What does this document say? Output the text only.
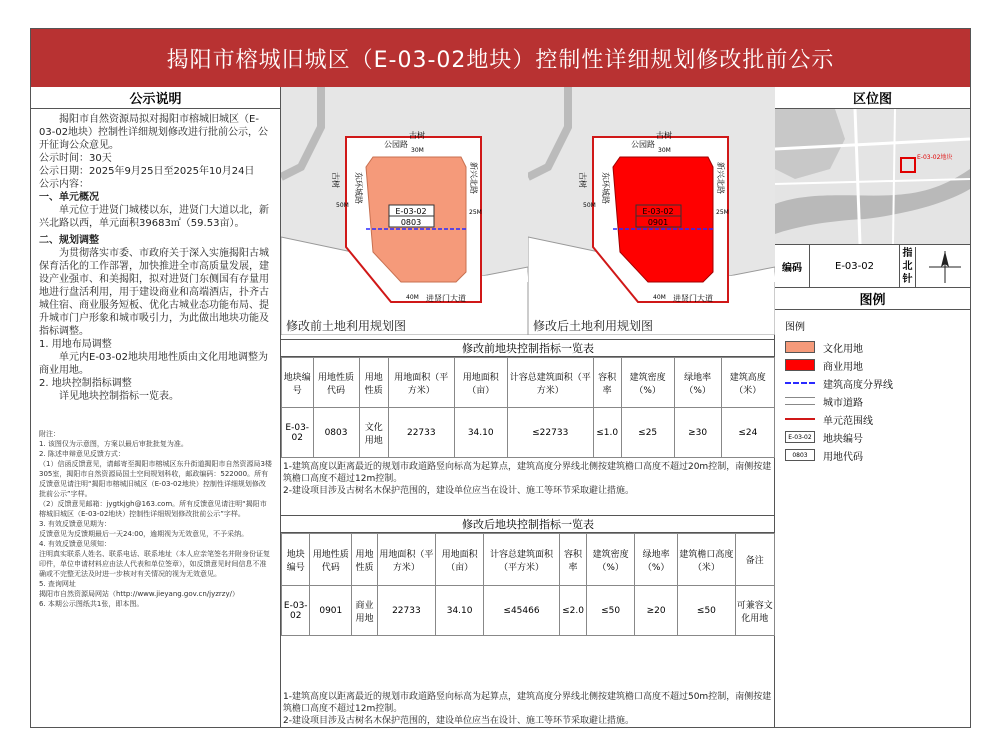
揭阳市榕城旧城区（E-03-02地块）控制性详细规划修改批前公示
公示说明

揭阳市自然资源局拟对揭阳市榕城旧城区（E-03-02地块）控制性详细规划修改进行批前公示，公开征询公众意见。

公示时间：30天

公示日期：2025年9月25日至2025年10月24日

公示内容：

一、单元概况

单元位于进贤门城楼以东，进贤门大道以北，新兴北路以西，单元面积39683㎡（59.53亩）。

二、规划调整

为贯彻落实市委、市政府关于深入实施揭阳古城保育活化的工作部署，加快推进全市高质量发展，建设产业强市、和美揭阳，拟对进贤门东侧国有存量用地进行盘活利用，用于建设商业和高端酒店，扑齐古城住宿、商业服务短板、优化古城业态功能布局、提升城市门户形象和城市吸引力，为此做出地块功能及指标调整。

1. 用地布局调整

单元内E-03-02地块用地性质由文化用地调整为商业用地。

2. 地块控制指标调整

详见地块控制指标一览表。

附注：

1. 该图仅为示意图，方案以最后审批批复为准。

2. 陈述申辩意见反馈方式：

（1）信函反馈意见，请邮寄至揭阳市榕城区东升街道揭阳市自然资源局3楼305室，揭阳市自然资源局国土空间规划科收，邮政编码：522000。所有反馈意见请注明“揭阳市榕城旧城区（E-03-02地块）控制性详细规划修改批前公示”字样。

（2）反馈意见邮箱：jygtkjgh@163.com。所有反馈意见请注明“揭阳市榕城旧城区（E-03-02地块）控制性详细规划修改批前公示”字样。

3. 有效反馈意见期为：

反馈意见为反馈期最后一天24:00，逾期视为无效意见，不予采纳。

4. 有效反馈意见须知：

注明真实联系人姓名、联系电话、联系地址（本人应亲笔签名并附身份证复印件，单位申请材料应由法人代表和单位签章），如反馈意见时间信息不准确或不完整无法及时进一步核对有关情况的视为无效意见。

5. 查询网址

揭阳市自然资源局网站（http://www.jieyang.gov.cn/jyzrzy/）

6. 本期公示图纸共1张，即本图。

E-03-02
0803
公园路
古树
30M
古树 东环城路
50M
新兴北路
25M
40M 进贤门大道
修改前土地利用规划图
E-03-02
0901
公园路
古树
30M
古树 东环城路
50M
新兴北路
25M
40M 进贤门大道
修改后土地利用规划图
修改前地块控制指标一览表
地块编号	用地性质代码	用地性质	用地面积（平方米）	用地面积（亩）	计容总建筑面积（平方米）	容积率	建筑密度（%）	绿地率（%）	建筑高度（米）
E-03-02	0803	文化用地	22733	34.10	≤22733	≤1.0	≤25	≥30	≤24

1-建筑高度以距离最近的规划市政道路竖向标高为起算点，建筑高度分界线北侧按建筑檐口高度不超过20m控制，南侧按建筑檐口高度不超过12m控制。

2-建设项目涉及古树名木保护范围的，建设单位应当在设计、施工等环节采取避让措施。

修改后地块控制指标一览表
地块编号	用地性质代码	用地性质	用地面积（平方米）	用地面积（亩）	计容总建筑面积（平方米）	容积率	建筑密度（%）	绿地率（%）	建筑檐口高度（米）	备注
E-03-02	0901	商业用地	22733	34.10	≤45466	≤2.0	≤50	≥20	≤50	可兼容文化用地

1-建筑高度以距离最近的规划市政道路竖向标高为起算点，建筑高度分界线北侧按建筑檐口高度不超过50m控制，南侧按建筑檐口高度不超过12m控制。

2-建设项目涉及古树名木保护范围的，建设单位应当在设计、施工等环节采取避让措施。

区位图
E-03-02地块
编码	E-03-02
指北针
图例
图例
文化用地
商业用地
建筑高度分界线
城市道路
单元范围线
E-03-02	地块编号
0803	用地代码
